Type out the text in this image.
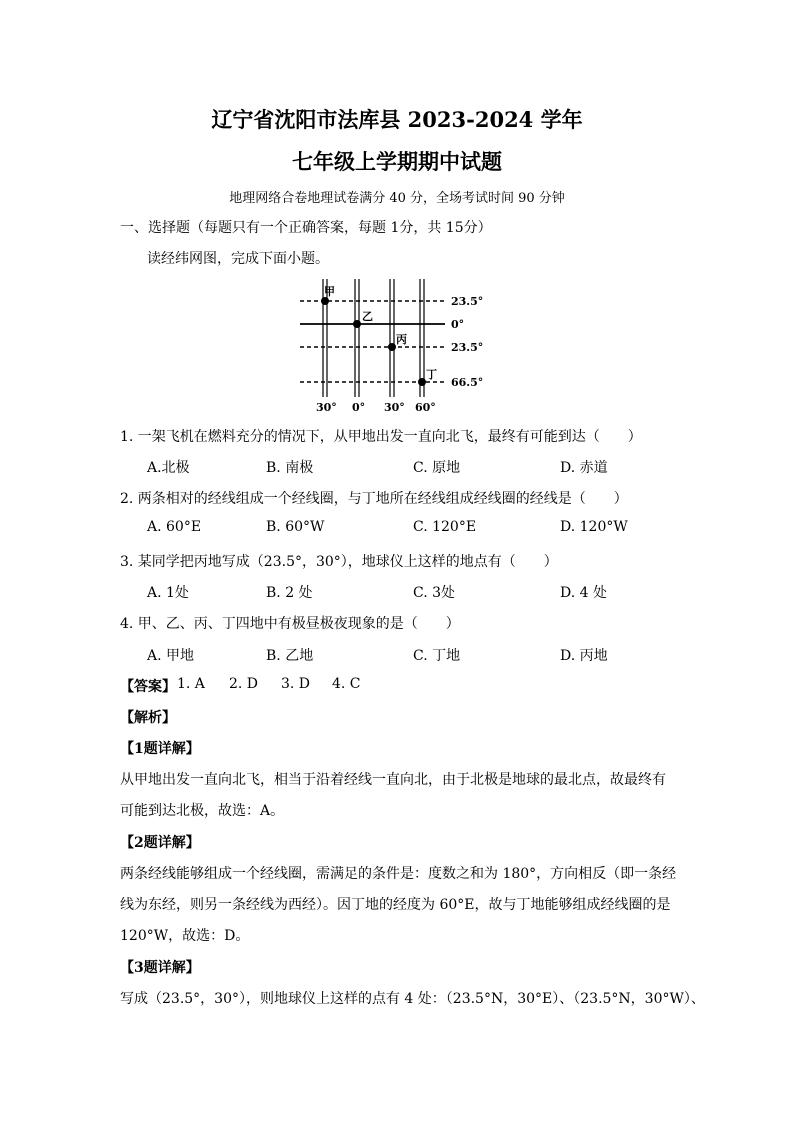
辽宁省沈阳市法库县 2023-2024 学年
七年级上学期期中试题
地理网络合卷地理试卷满分 40 分，全场考试时间 90 分钟
一、选择题（每题只有一个正确答案，每题 1分，共 15分）
读经纬网图，完成下面小题。
甲
乙
丙
丁
23.5°
0°
23.5°
66.5°
30° 0° 30° 60°
1. 一架飞机在燃料充分的情况下，从甲地出发一直向北飞，最终有可能到达（　　）
A.北极	B. 南极	C. 原地	D. 赤道
2. 两条相对的经线组成一个经线圈，与丁地所在经线组成经线圈的经线是（　　）
A. 60°E	B. 60°W	C. 120°E	D. 120°W
3. 某同学把丙地写成（23.5°，30°），地球仪上这样的地点有（　　）
A. 1处	B. 2 处	C. 3处	D. 4 处
4. 甲、乙、丙、丁四地中有极昼极夜现象的是（　　）
A. 甲地	B. 乙地	C. 丁地	D. 丙地
【答案】 1. A 2. D 3. D 4. C
【解析】
【1题详解】
从甲地出发一直向北飞，相当于沿着经线一直向北，由于北极是地球的最北点，故最终有
可能到达北极，故选：A。
【2题详解】
两条经线能够组成一个经线圈，需满足的条件是：度数之和为 180°，方向相反（即一条经
线为东经，则另一条经线为西经）。因丁地的经度为 60°E，故与丁地能够组成经线圈的是
120°W，故选：D。
【3题详解】
写成（23.5°，30°），则地球仪上这样的点有 4 处：（23.5°N，30°E）、（23.5°N，30°W）、
